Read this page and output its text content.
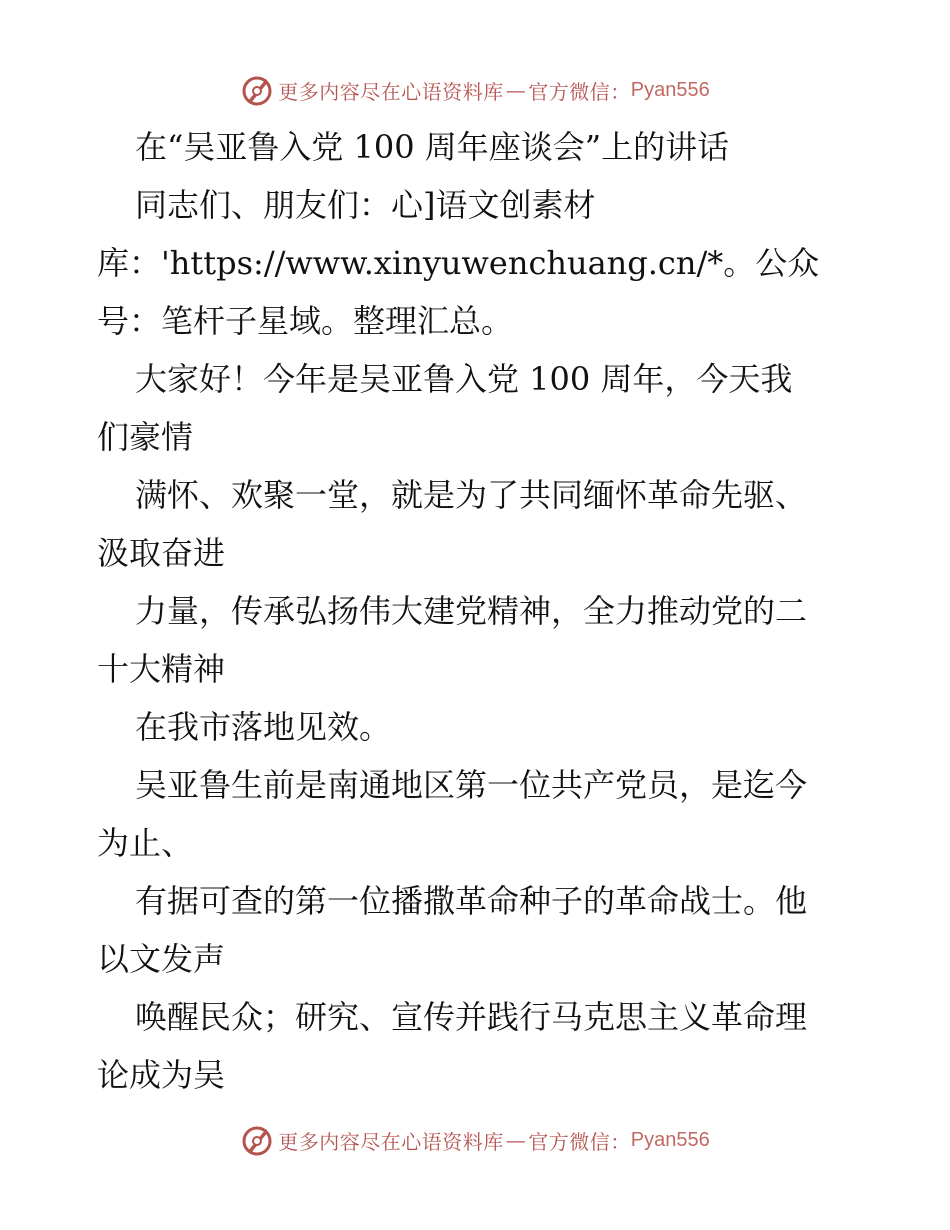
更多内容尽在心语资料库 — 官方微信： Pyan556
在“吴亚鲁入党 100 周年座谈会”上的讲话
同志们、朋友们：心]语文创素材
库：'https://www.xinyuwenchuang.cn/*。公众
号：笔杆子星域。整理汇总。
大家好！今年是吴亚鲁入党 100 周年，今天我
们豪情
满怀、欢聚一堂，就是为了共同缅怀革命先驱、
汲取奋进
力量，传承弘扬伟大建党精神，全力推动党的二
十大精神
在我市落地见效。
吴亚鲁生前是南通地区第一位共产党员，是迄今
为止、
有据可查的第一位播撒革命种子的革命战士。他
以文发声
唤醒民众；研究、宣传并践行马克思主义革命理
论成为吴
更多内容尽在心语资料库 — 官方微信： Pyan556
